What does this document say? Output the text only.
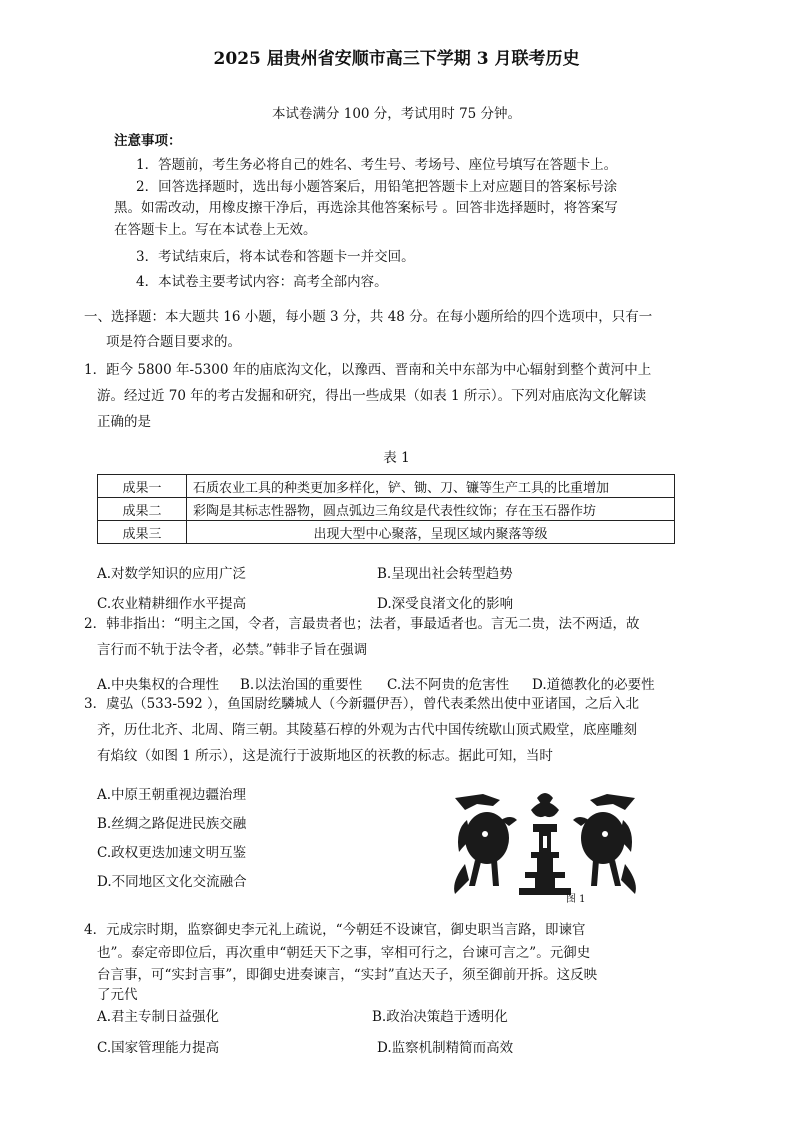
2025 届贵州省安顺市高三下学期 3 月联考历史
本试卷满分 100 分，考试用时 75 分钟。
注意事项：
1．答题前，考生务必将自己的姓名、考生号、考场号、座位号填写在答题卡上。
2．回答选择题时，选出每小题答案后，用铅笔把答题卡上对应题目的答案标号涂
黑。如需改动，用橡皮擦干净后，再选涂其他答案标号 。回答非选择题时，将答案写
在答题卡上。写在本试卷上无效。
3．考试结束后，将本试卷和答题卡一并交回。
4．本试卷主要考试内容：高考全部内容。
一、选择题：本大题共 16 小题，每小题 3 分，共 48 分。在每小题所给的四个选项中，只有一
项是符合题目要求的。
1．距今 5800 年-5300 年的庙底沟文化，以豫西、晋南和关中东部为中心辐射到整个黄河中上
游。经过近 70 年的考古发掘和研究，得出一些成果（如表 1 所示）。下列对庙底沟文化解读
正确的是
表 1
成果一	石质农业工具的种类更加多样化，铲、锄、刀、镰等生产工具的比重增加
成果二	彩陶是其标志性器物，圆点弧边三角纹是代表性纹饰；存在玉石器作坊
成果三	出现大型中心聚落，呈现区域内聚落等级
A.对数学知识的应用广泛	B.呈现出社会转型趋势
C.农业精耕细作水平提高	D.深受良渚文化的影响
2．韩非指出：“明主之国，令者，言最贵者也；法者，事最适者也。言无二贵，法不两适，故
言行而不轨于法令者，必禁。”韩非子旨在强调
A.中央集权的合理性 B.以法治国的重要性 C.法不阿贵的危害性 D.道德教化的必要性
3．虞弘（533-592 ），鱼国尉纥驎城人（今新疆伊吾），曾代表柔然出使中亚诸国，之后入北
齐，历仕北齐、北周、隋三朝。其陵墓石椁的外观为古代中国传统歇山顶式殿堂，底座雕刻
有焰纹（如图 1 所示），这是流行于波斯地区的祆教的标志。据此可知，当时
A.中原王朝重视边疆治理
B.丝绸之路促进民族交融
C.政权更迭加速文明互鉴
D.不同地区文化交流融合
图 1
4．元成宗时期，监察御史李元礼上疏说，“今朝廷不设谏官，御史职当言路，即谏官
也”。泰定帝即位后，再次重申“朝廷天下之事，宰相可行之，台谏可言之”。元御史
台言事，可“实封言事”，即御史进奏谏言，“实封”直达天子，须至御前开拆。这反映
了元代
A.君主专制日益强化	B.政治决策趋于透明化
C.国家管理能力提高	D.监察机制精简而高效
